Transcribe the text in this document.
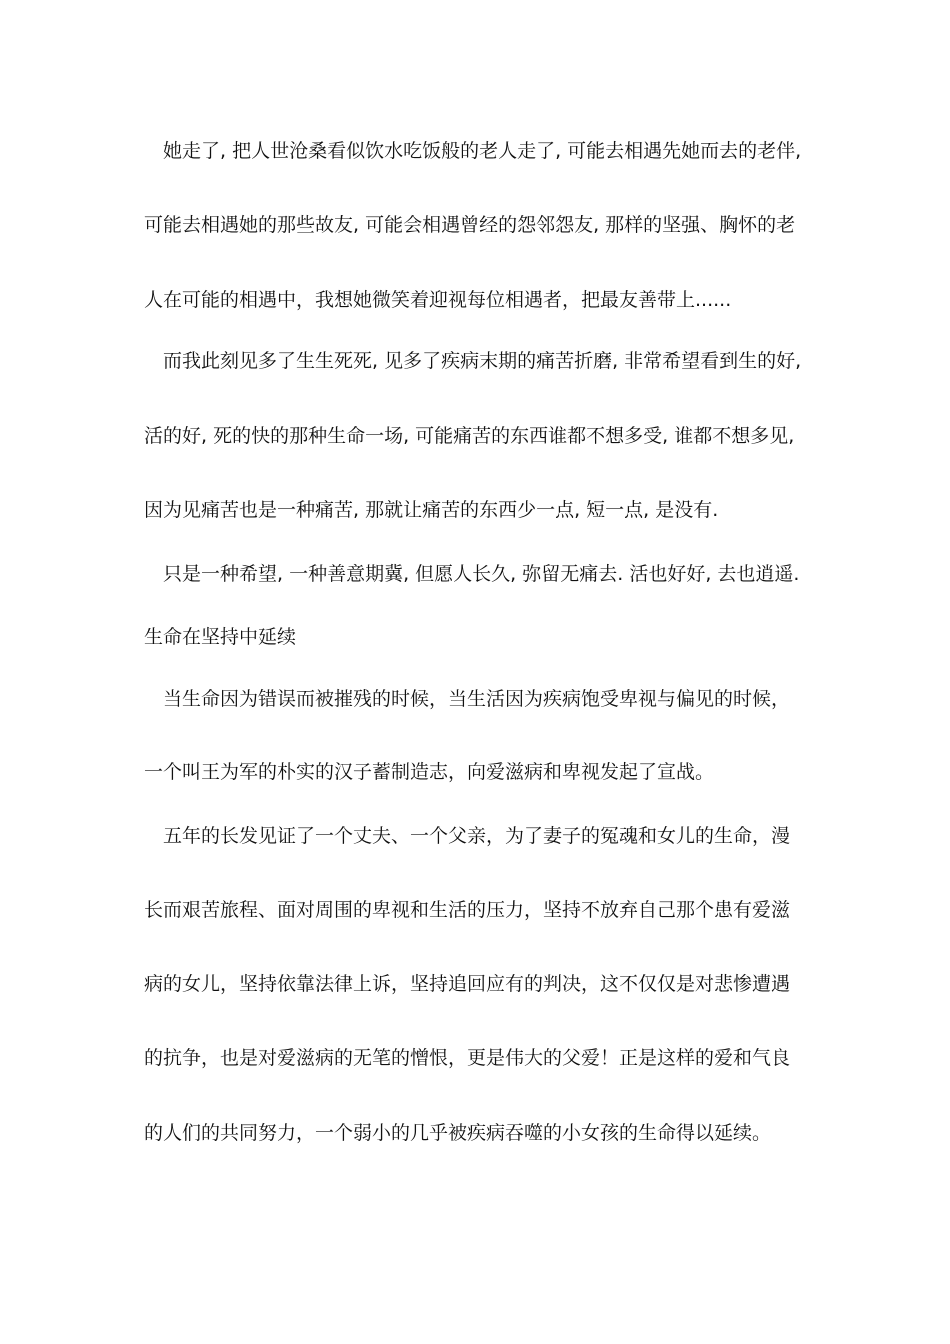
她走了, 把人世沧桑看似饮水吃饭般的老人走了, 可能去相遇先她而去的老伴,
可能去相遇她的那些故友, 可能会相遇曾经的怨邻怨友, 那样的坚强、胸怀的老
人在可能的相遇中，我想她微笑着迎视每位相遇者，把最友善带上......
而我此刻见多了生生死死, 见多了疾病末期的痛苦折磨, 非常希望看到生的好,
活的好, 死的快的那种生命一场, 可能痛苦的东西谁都不想多受, 谁都不想多见,
因为见痛苦也是一种痛苦, 那就让痛苦的东西少一点, 短一点, 是没有.
只是一种希望, 一种善意期冀, 但愿人长久, 弥留无痛去. 活也好好, 去也逍遥.
生命在坚持中延续
当生命因为错误而被摧残的时候，当生活因为疾病饱受卑视与偏见的时候，
一个叫王为军的朴实的汉子蓄制造志，向爱滋病和卑视发起了宣战。
五年的长发见证了一个丈夫、一个父亲，为了妻子的冤魂和女儿的生命，漫
长而艰苦旅程、面对周围的卑视和生活的压力，坚持不放弃自己那个患有爱滋
病的女儿，坚持依靠法律上诉，坚持追回应有的判决，这不仅仅是对悲惨遭遇
的抗争，也是对爱滋病的无笔的憎恨，更是伟大的父爱！正是这样的爱和气良
的人们的共同努力，一个弱小的几乎被疾病吞噬的小女孩的生命得以延续。
